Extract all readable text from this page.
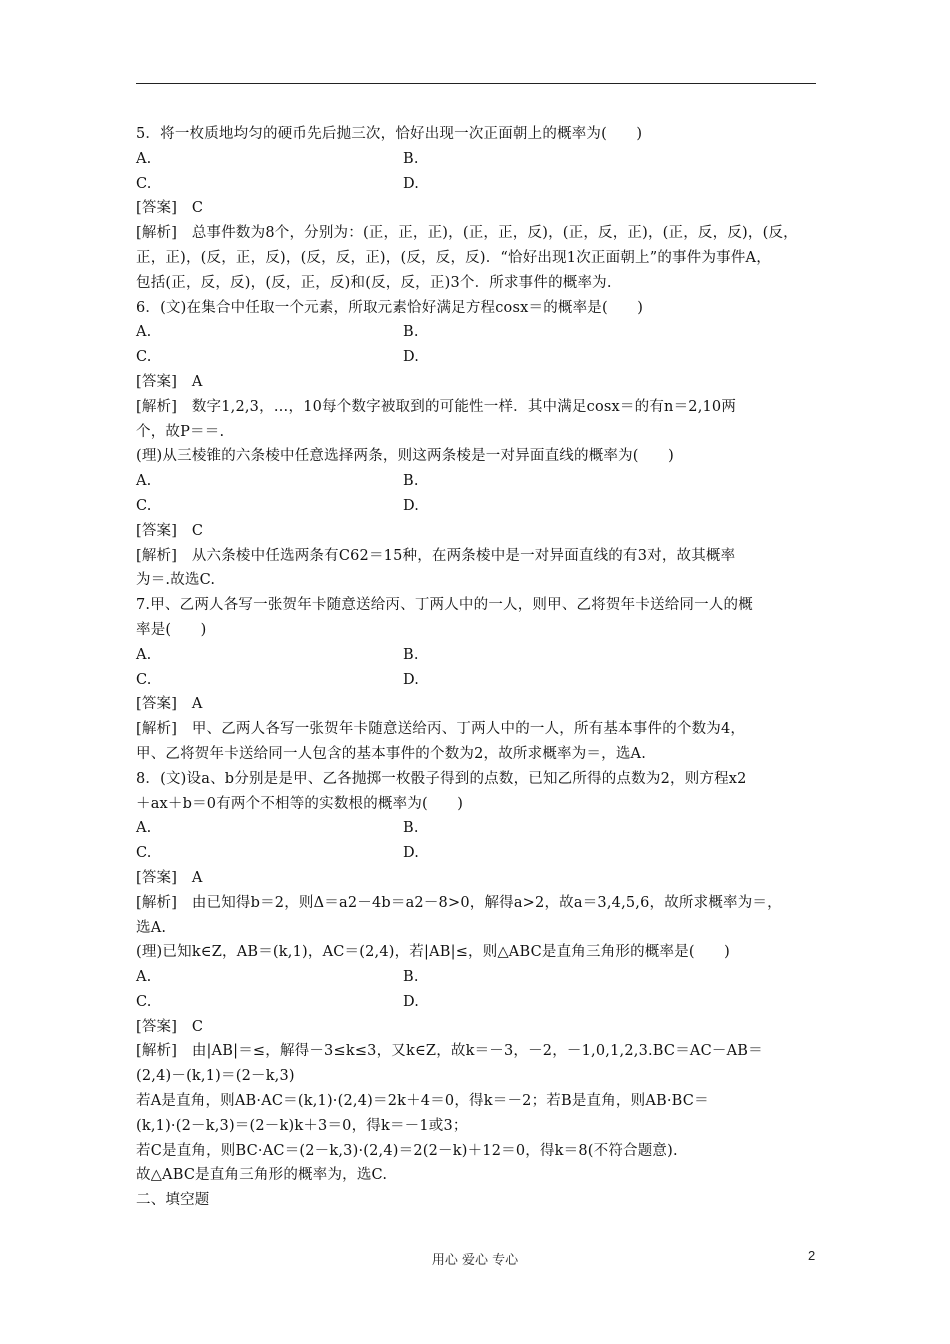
5．将一枚质地均匀的硬币先后抛三次，恰好出现一次正面朝上的概率为(　　)
A.	B.
C.	D.
[答案]　C
[解析]　总事件数为8个，分别为：(正，正，正)，(正，正，反)，(正，反，正)，(正，反，反)，(反，
正，正)，(反，正，反)，(反，反，正)，(反，反，反)．“恰好出现1次正面朝上”的事件为事件A，
包括(正，反，反)，(反，正，反)和(反，反，正)3个．所求事件的概率为.
6．(文)在集合中任取一个元素，所取元素恰好满足方程cosx＝的概率是(　　)
A.	B.
C.	D.
[答案]　A
[解析]　数字1,2,3，…，10每个数字被取到的可能性一样．其中满足cosx＝的有n＝2,10两
个，故P＝＝.
(理)从三棱锥的六条棱中任意选择两条，则这两条棱是一对异面直线的概率为(　　)
A.	B.
C.	D.
[答案]　C
[解析]　从六条棱中任选两条有C62＝15种，在两条棱中是一对异面直线的有3对，故其概率
为＝.故选C.
7.甲、乙两人各写一张贺年卡随意送给丙、丁两人中的一人，则甲、乙将贺年卡送给同一人的概
率是(　　)
A.	B.
C.	D.
[答案]　A
[解析]　甲、乙两人各写一张贺年卡随意送给丙、丁两人中的一人，所有基本事件的个数为4，
甲、乙将贺年卡送给同一人包含的基本事件的个数为2，故所求概率为＝，选A.
8．(文)设a、b分别是是甲、乙各抛掷一枚骰子得到的点数，已知乙所得的点数为2，则方程x2
＋ax＋b＝0有两个不相等的实数根的概率为(　　)
A.	B.
C.	D.
[答案]　A
[解析]　由已知得b＝2，则Δ＝a2－4b＝a2－8>0，解得a>2，故a＝3,4,5,6，故所求概率为＝，
选A.
(理)已知k∈Z，AB＝(k,1)，AC＝(2,4)，若|AB|≤，则△ABC是直角三角形的概率是(　　)
A.	B.
C.	D.
[答案]　C
[解析]　由|AB|＝≤，解得－3≤k≤3，又k∈Z，故k＝－3，－2，－1,0,1,2,3.BC＝AC－AB＝
(2,4)－(k,1)＝(2－k,3)
若A是直角，则AB·AC＝(k,1)·(2,4)＝2k＋4＝0，得k＝－2；若B是直角，则AB·BC＝
(k,1)·(2－k,3)＝(2－k)k＋3＝0，得k＝－1或3；
若C是直角，则BC·AC＝(2－k,3)·(2,4)＝2(2－k)＋12＝0，得k＝8(不符合题意).
故△ABC是直角三角形的概率为，选C.
二、填空题
用心 爱心 专心	2
